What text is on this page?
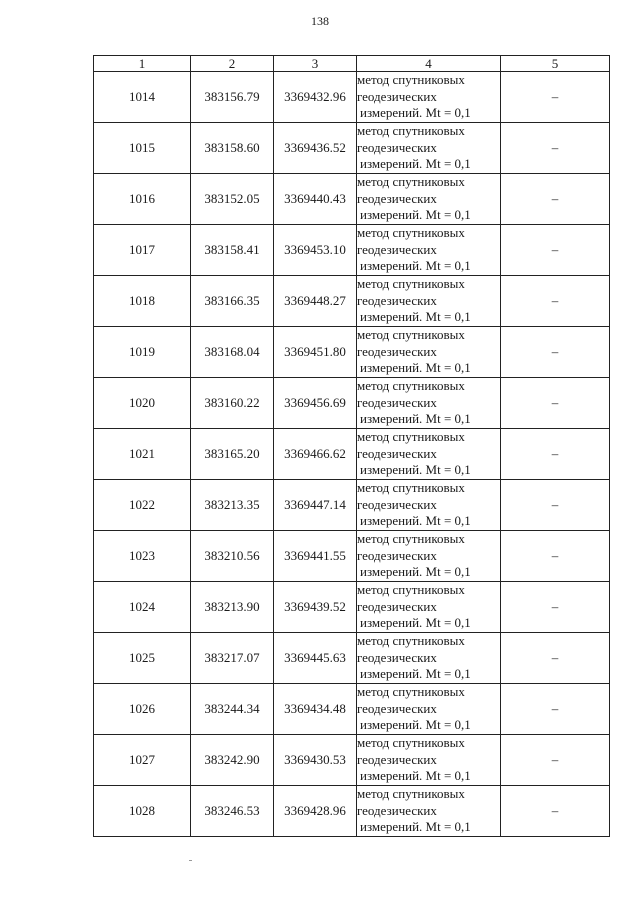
138
1	2	3	4	5
1014	383156.79	3369432.96	метод спутниковых
геодезических
измерений. Mt = 0,1	–
1015	383158.60	3369436.52	метод спутниковых
геодезических
измерений. Mt = 0,1	–
1016	383152.05	3369440.43	метод спутниковых
геодезических
измерений. Mt = 0,1	–
1017	383158.41	3369453.10	метод спутниковых
геодезических
измерений. Mt = 0,1	–
1018	383166.35	3369448.27	метод спутниковых
геодезических
измерений. Mt = 0,1	–
1019	383168.04	3369451.80	метод спутниковых
геодезических
измерений. Mt = 0,1	–
1020	383160.22	3369456.69	метод спутниковых
геодезических
измерений. Mt = 0,1	–
1021	383165.20	3369466.62	метод спутниковых
геодезических
измерений. Mt = 0,1	–
1022	383213.35	3369447.14	метод спутниковых
геодезических
измерений. Mt = 0,1	–
1023	383210.56	3369441.55	метод спутниковых
геодезических
измерений. Mt = 0,1	–
1024	383213.90	3369439.52	метод спутниковых
геодезических
измерений. Mt = 0,1	–
1025	383217.07	3369445.63	метод спутниковых
геодезических
измерений. Mt = 0,1	–
1026	383244.34	3369434.48	метод спутниковых
геодезических
измерений. Mt = 0,1	–
1027	383242.90	3369430.53	метод спутниковых
геодезических
измерений. Mt = 0,1	–
1028	383246.53	3369428.96	метод спутниковых
геодезических
измерений. Mt = 0,1	–
